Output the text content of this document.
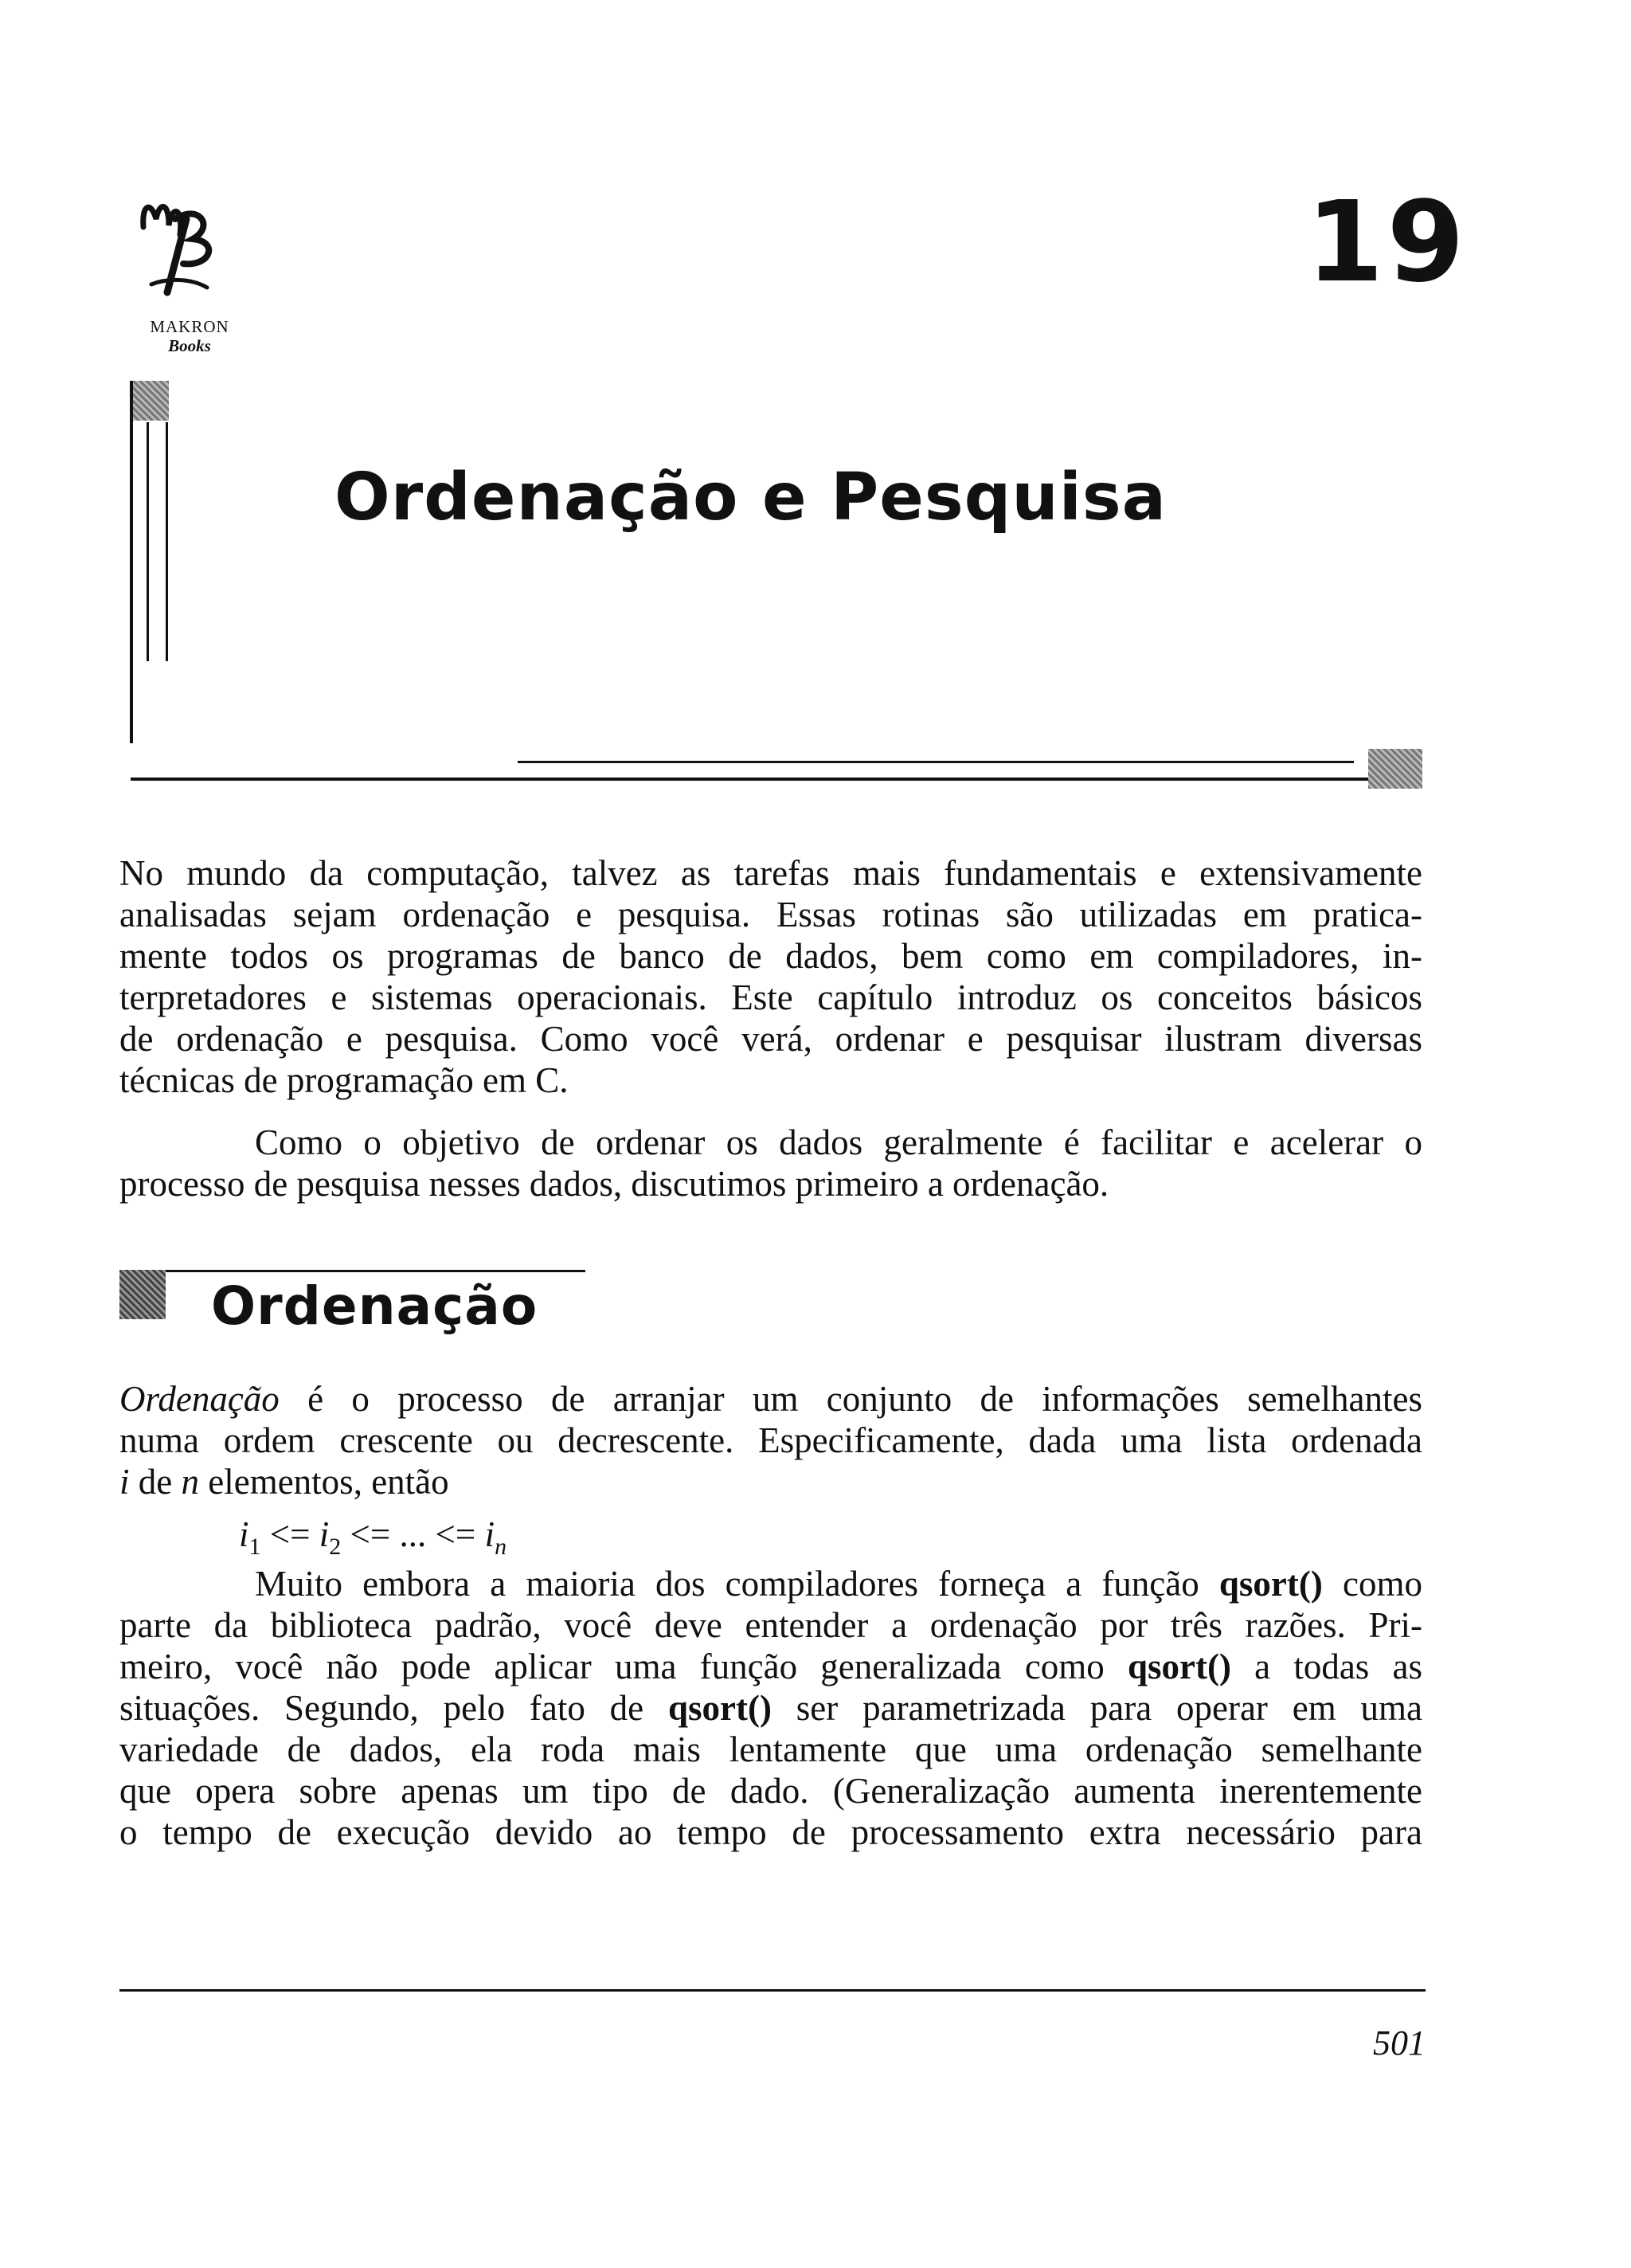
MAKRON
Books
19
Ordenação e Pesquisa
No mundo da computação, talvez as tarefas mais fundamentais e extensivamente
analisadas sejam ordenação e pesquisa. Essas rotinas são utilizadas em pratica-
mente todos os programas de banco de dados, bem como em compiladores, in-
terpretadores e sistemas operacionais. Este capítulo introduz os conceitos básicos
de ordenação e pesquisa. Como você verá, ordenar e pesquisar ilustram diversas
técnicas de programação em C.
Como o objetivo de ordenar os dados geralmente é facilitar e acelerar o
processo de pesquisa nesses dados, discutimos primeiro a ordenação.
Ordenação
Ordenação é o processo de arranjar um conjunto de informações semelhantes
numa ordem crescente ou decrescente. Especificamente, dada uma lista ordenada
i de n elementos, então
$i_1 <= i_2$ <= ... <= $i_n$
Muito embora a maioria dos compiladores forneça a função qsort() como
parte da biblioteca padrão, você deve entender a ordenação por três razões. Pri-
meiro, você não pode aplicar uma função generalizada como qsort() a todas as
situações. Segundo, pelo fato de qsort() ser parametrizada para operar em uma
variedade de dados, ela roda mais lentamente que uma ordenação semelhante
que opera sobre apenas um tipo de dado. (Generalização aumenta inerentemente
o tempo de execução devido ao tempo de processamento extra necessário para
501
